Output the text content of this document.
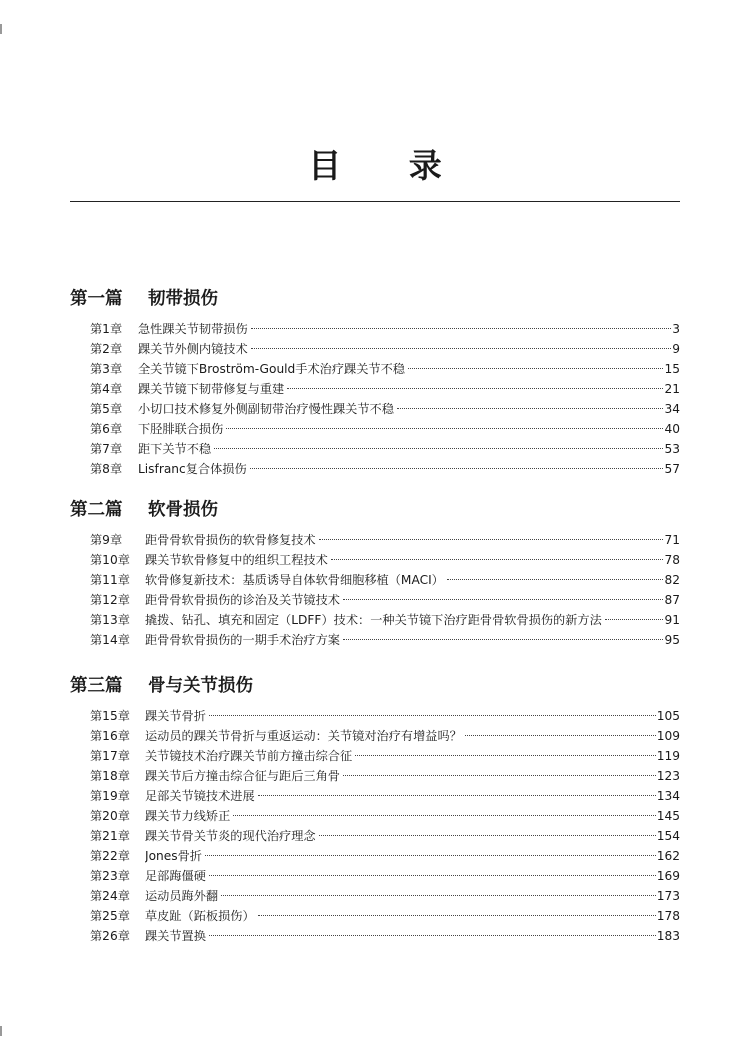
目 录
第一篇 韧带损伤
第1章	急性踝关节韧带损伤	3
第2章	踝关节外侧内镜技术	9
第3章	全关节镜下Broström-Gould手术治疗踝关节不稳	15
第4章	踝关节镜下韧带修复与重建	21
第5章	小切口技术修复外侧副韧带治疗慢性踝关节不稳	34
第6章	下胫腓联合损伤	40
第7章	距下关节不稳	53
第8章	Lisfranc复合体损伤	57
第二篇 软骨损伤
第9章	距骨骨软骨损伤的软骨修复技术	71
第10章	踝关节软骨修复中的组织工程技术	78
第11章	软骨修复新技术：基质诱导自体软骨细胞移植（MACI）	82
第12章	距骨骨软骨损伤的诊治及关节镜技术	87
第13章	撬拨、钻孔、填充和固定（LDFF）技术：一种关节镜下治疗距骨骨软骨损伤的新方法	91
第14章	距骨骨软骨损伤的一期手术治疗方案	95
第三篇 骨与关节损伤
第15章	踝关节骨折	105
第16章	运动员的踝关节骨折与重返运动：关节镜对治疗有增益吗？	109
第17章	关节镜技术治疗踝关节前方撞击综合征	119
第18章	踝关节后方撞击综合征与距后三角骨	123
第19章	足部关节镜技术进展	134
第20章	踝关节力线矫正	145
第21章	踝关节骨关节炎的现代治疗理念	154
第22章	Jones骨折	162
第23章	足部踇僵硬	169
第24章	运动员踇外翻	173
第25章	草皮趾（跖板损伤）	178
第26章	踝关节置换	183
